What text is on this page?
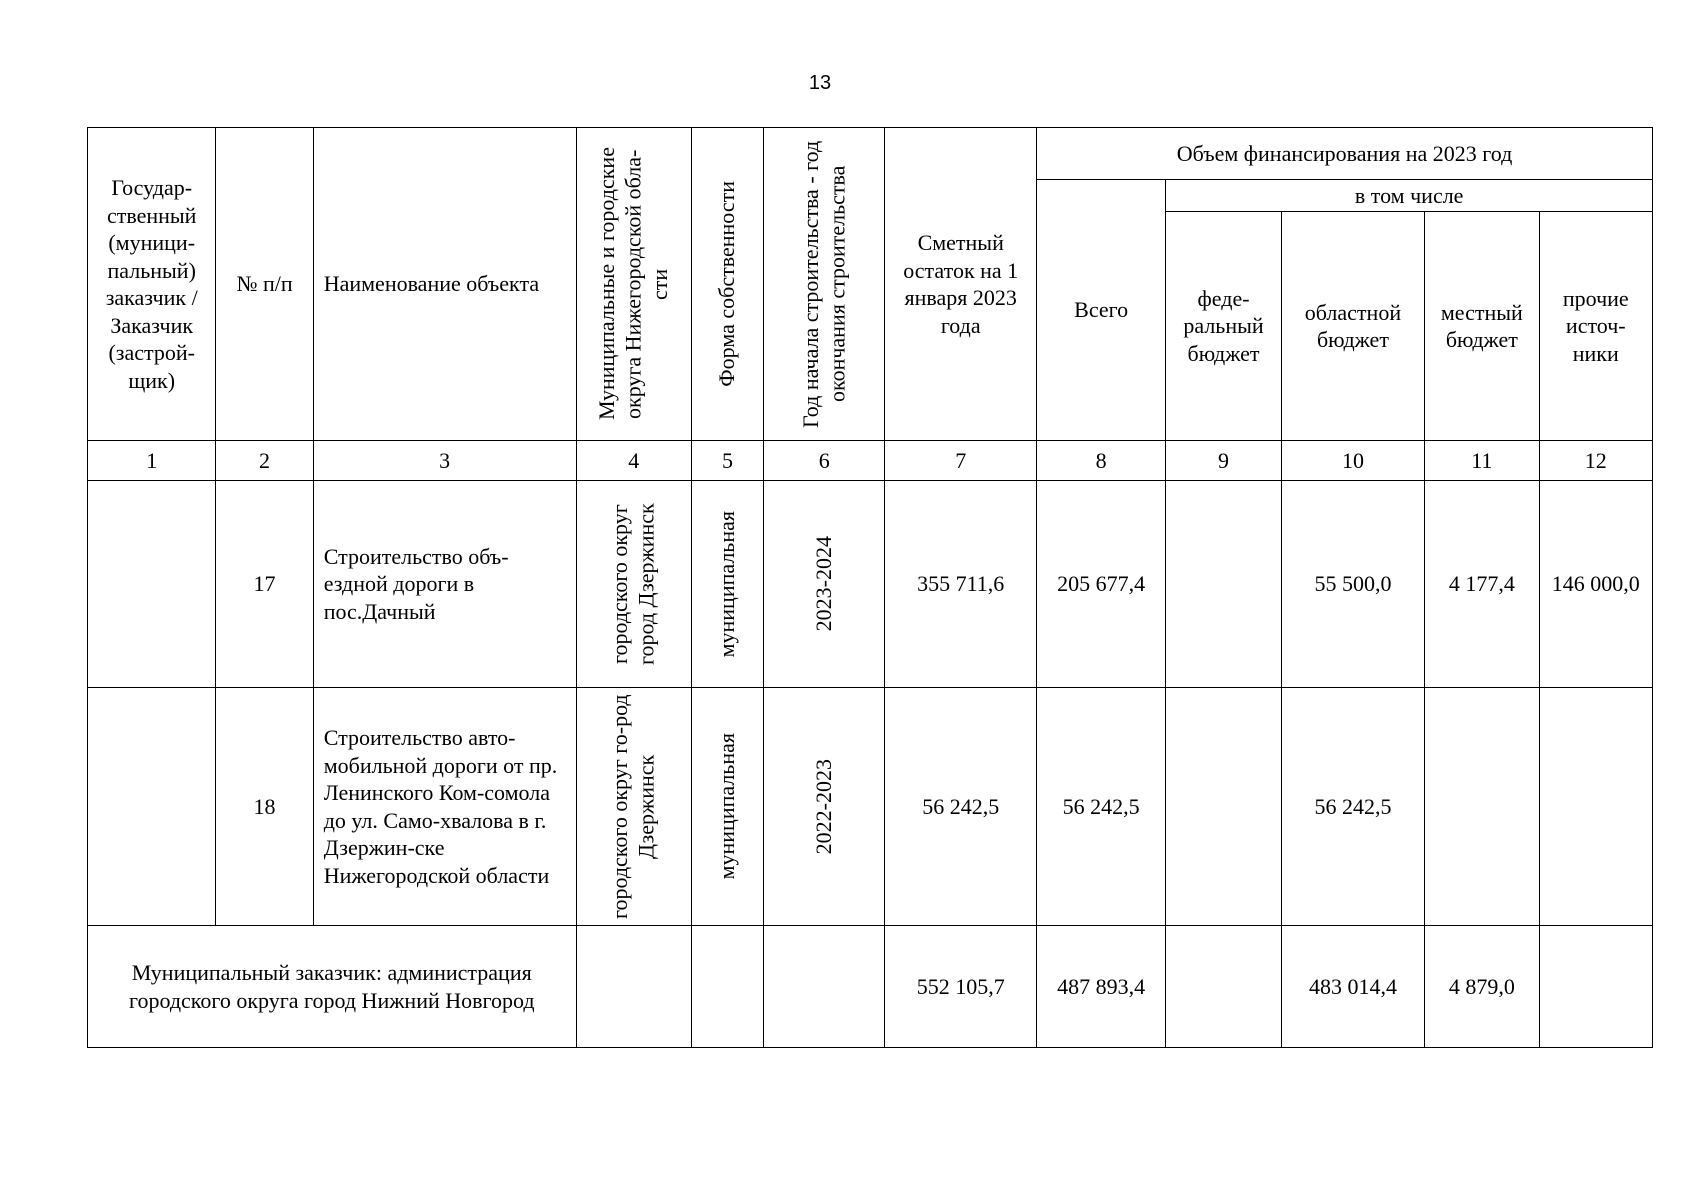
13
Государ-ственный (муници-пальный) заказчик / Заказчик (застрой-щик)	№ п/п	Наименование объекта	Муниципальные и городские округа Нижегородской обла-сти	Форма собственности	Год начала строительства - год окончания строительства	Сметный остаток на 1 января 2023 года	Объем финансирования на 2023 год				
							Всего	в том числе			
								феде-ральный бюджет	областной бюджет	местный бюджет	прочие источ-ники
1	2	3	4	5	6	7	8	9	10	11	12
	17	Строительство объ-ездной дороги в пос.Дачный	городского округ город Дзержинск	муниципальная	2023-2024	355 711,6	205 677,4		55 500,0	4 177,4	146 000,0
	18	Строительство авто-мобильной дороги от пр. Ленинского Ком-сомола до ул. Само-хвалова в г. Дзержин-ске Нижегородской области	городского округ го-род Дзержинск	муниципальная	2022-2023	56 242,5	56 242,5		56 242,5		
Муниципальный заказчик: администрация городского округа город Нижний Новгород						552 105,7	487 893,4		483 014,4	4 879,0	
